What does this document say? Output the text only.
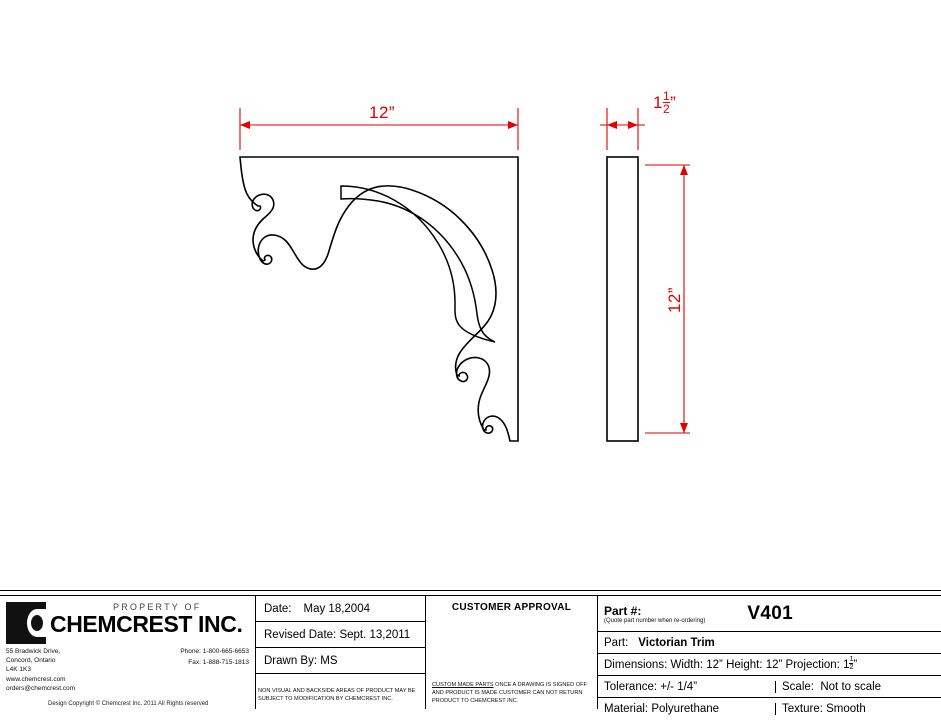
12”
$1 \frac{1}{2}$ ”
12”
PROPERTY OF
CHEMCREST INC.
55 Bradwick Drive,
Concord, Ontario
L4K 1K3
www.chemcrest.com
orders@chemcrest.com
Phone: 1-800-665-6653
Fax: 1-888-715-1813
Design Copyright © Chemcrest Inc. 2011 All Rights reserved
Date: May 18,2004
Revised Date: Sept. 13,2011
Drawn By: MS
CUSTOMER APPROVAL
CUSTOM MADE PARTS ONCE A DRAWING IS SIGNED OFF AND PRODUCT IS MADE CUSTOMER CAN NOT RETURN PRODUCT TO CHEMCREST INC.
Part #:
(Quote part number when re-ordering) V401
Part: Victorian Trim
Dimensions:
Width: 12” Height: 12” Projection: $1 \frac{1}{2}$ ”
Tolerance:
+/- 1/4”	Scale:
Not to scale
Material:
Polyurethane	Texture:
Smooth
NON VISUAL AND BACKSIDE AREAS OF PRODUCT MAY BE SUBJECT TO MODIFICATION BY CHEMCREST INC.
